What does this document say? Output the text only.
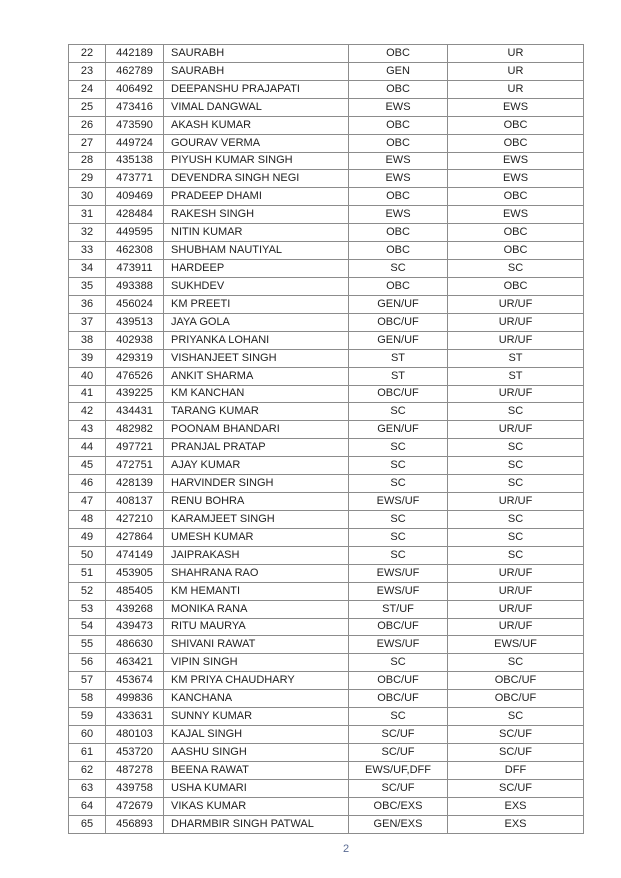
22	442189	SAURABH	OBC	UR
23	462789	SAURABH	GEN	UR
24	406492	DEEPANSHU PRAJAPATI	OBC	UR
25	473416	VIMAL DANGWAL	EWS	EWS
26	473590	AKASH KUMAR	OBC	OBC
27	449724	GOURAV VERMA	OBC	OBC
28	435138	PIYUSH KUMAR SINGH	EWS	EWS
29	473771	DEVENDRA SINGH NEGI	EWS	EWS
30	409469	PRADEEP DHAMI	OBC	OBC
31	428484	RAKESH SINGH	EWS	EWS
32	449595	NITIN KUMAR	OBC	OBC
33	462308	SHUBHAM NAUTIYAL	OBC	OBC
34	473911	HARDEEP	SC	SC
35	493388	SUKHDEV	OBC	OBC
36	456024	KM PREETI	GEN/UF	UR/UF
37	439513	JAYA GOLA	OBC/UF	UR/UF
38	402938	PRIYANKA LOHANI	GEN/UF	UR/UF
39	429319	VISHANJEET SINGH	ST	ST
40	476526	ANKIT SHARMA	ST	ST
41	439225	KM KANCHAN	OBC/UF	UR/UF
42	434431	TARANG KUMAR	SC	SC
43	482982	POONAM BHANDARI	GEN/UF	UR/UF
44	497721	PRANJAL PRATAP	SC	SC
45	472751	AJAY KUMAR	SC	SC
46	428139	HARVINDER SINGH	SC	SC
47	408137	RENU BOHRA	EWS/UF	UR/UF
48	427210	KARAMJEET SINGH	SC	SC
49	427864	UMESH KUMAR	SC	SC
50	474149	JAIPRAKASH	SC	SC
51	453905	SHAHRANA RAO	EWS/UF	UR/UF
52	485405	KM HEMANTI	EWS/UF	UR/UF
53	439268	MONIKA RANA	ST/UF	UR/UF
54	439473	RITU MAURYA	OBC/UF	UR/UF
55	486630	SHIVANI RAWAT	EWS/UF	EWS/UF
56	463421	VIPIN SINGH	SC	SC
57	453674	KM PRIYA CHAUDHARY	OBC/UF	OBC/UF
58	499836	KANCHANA	OBC/UF	OBC/UF
59	433631	SUNNY KUMAR	SC	SC
60	480103	KAJAL SINGH	SC/UF	SC/UF
61	453720	AASHU SINGH	SC/UF	SC/UF
62	487278	BEENA RAWAT	EWS/UF,DFF	DFF
63	439758	USHA KUMARI	SC/UF	SC/UF
64	472679	VIKAS KUMAR	OBC/EXS	EXS
65	456893	DHARMBIR SINGH PATWAL	GEN/EXS	EXS
2
